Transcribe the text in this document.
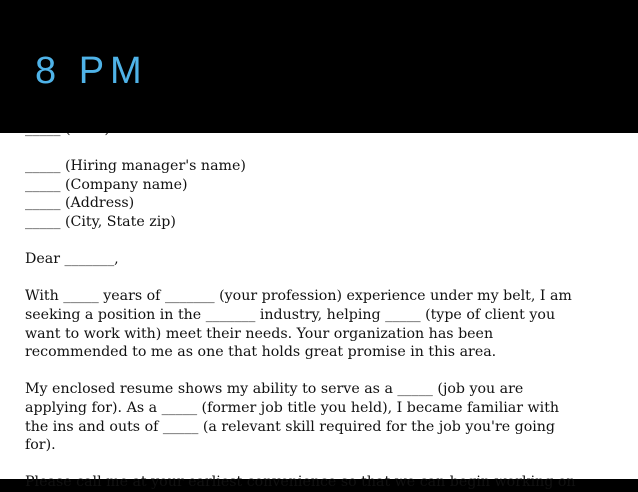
8 PM
_____ (Hiring manager's name)
_____ (Company name)
_____ (Address)
_____ (City, State zip)
Dear _______,
With _____ years of _______ (your profession) experience under my belt, I am
seeking a position in the _______ industry, helping _____ (type of client you
want to work with) meet their needs. Your organization has been
recommended to me as one that holds great promise in this area.
My enclosed resume shows my ability to serve as a _____ (job you are
applying for). As a _____ (former job title you held), I became familiar with
the ins and outs of _____ (a relevant skill required for the job you're going
for).
Please call me at your earliest convenience so that we can begin working on
